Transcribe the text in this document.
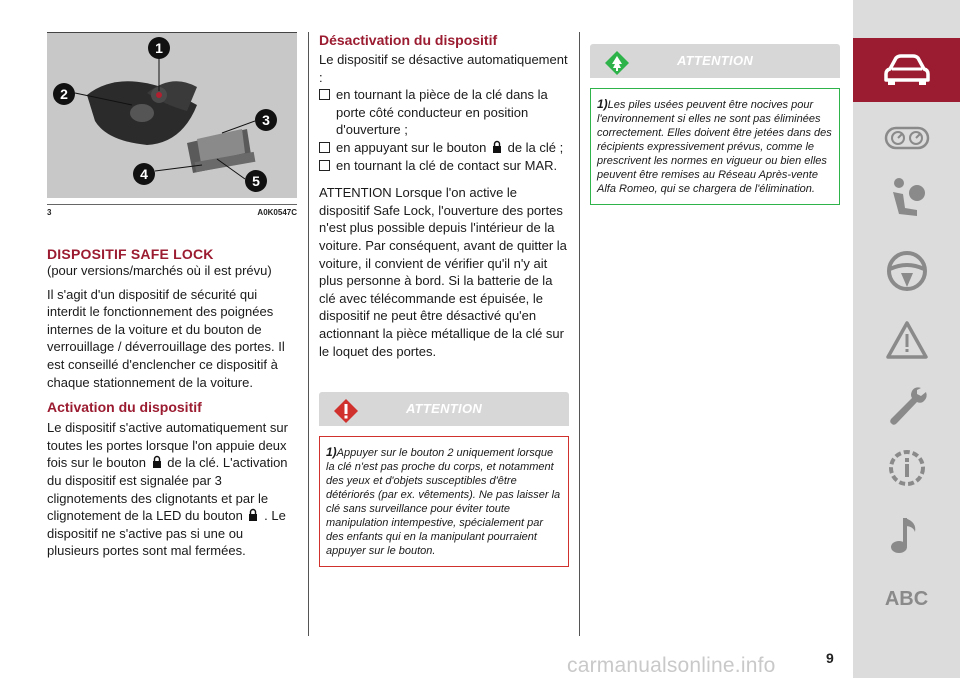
1
2
3
4	5
3	A0K0547C
DISPOSITIF SAFE LOCK

(pour versions/marchés où il est prévu)

Il s'agit d'un dispositif de sécurité qui interdit le fonctionnement des poignées internes de la voiture et du bouton de verrouillage / déverrouillage des portes. Il est conseillé d'enclencher ce dispositif à chaque stationnement de la voiture.

Activation du dispositif

Le dispositif s'active automatiquement sur toutes les portes lorsque l'on appuie deux fois sur le bouton de la clé. L'activation du dispositif est signalée par 3 clignotements des clignotants et par le clignotement de la LED du bouton . Le dispositif ne s'active pas si une ou plusieurs portes sont mal fermées.

Désactivation du dispositif

Le dispositif se désactive automatiquement :

en tournant la pièce de la clé dans la porte côté conducteur en position d'ouverture ;
en appuyant sur le bouton de la clé ;
en tournant la clé de contact sur MAR.

ATTENTION Lorsque l'on active le dispositif Safe Lock, l'ouverture des portes n'est plus possible depuis l'intérieur de la voiture. Par conséquent, avant de quitter la voiture, il convient de vérifier qu'il n'y ait plus personne à bord. Si la batterie de la clé avec télécommande est épuisée, le dispositif ne peut être désactivé qu'en actionnant la pièce métallique de la clé sur le loquet des portes.

ATTENTION
1)Appuyer sur le bouton 2 uniquement lorsque la clé n'est pas proche du corps, et notamment des yeux et d'objets susceptibles d'être détériorés (par ex. vêtements). Ne pas laisser la clé sans surveillance pour éviter toute manipulation intempestive, spécialement par des enfants qui en la manipulant pourraient appuyer sur le bouton.
ATTENTION
1)Les piles usées peuvent être nocives pour l'environnement si elles ne sont pas éliminées correctement. Elles doivent être jetées dans des récipients expressivement prévus, comme le prescrivent les normes en vigueur ou bien elles peuvent être remises au Réseau Après-vente Alfa Romeo, qui se chargera de l'élimination.
ABC
carmanualsonline.info	9
